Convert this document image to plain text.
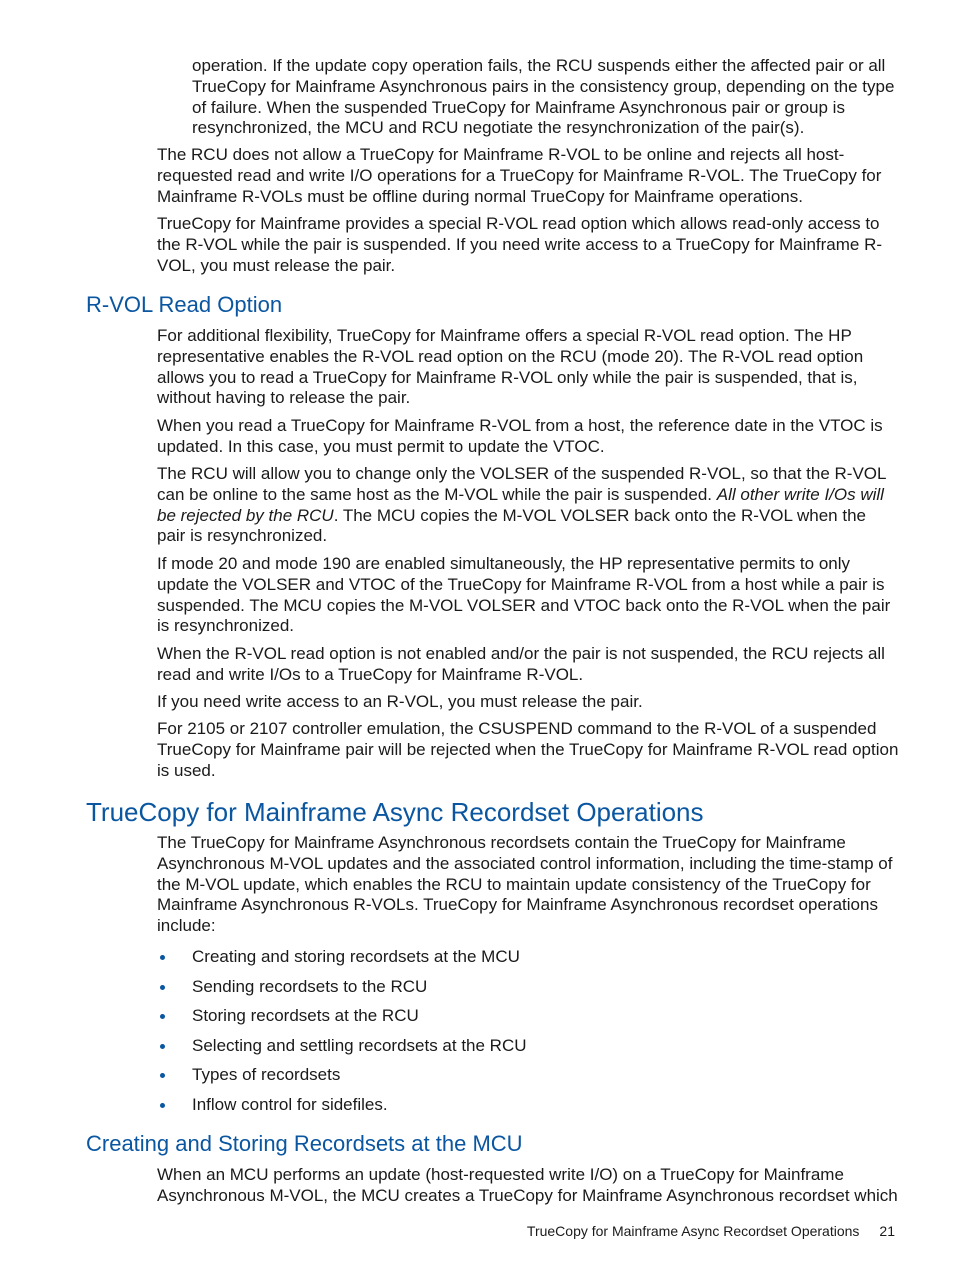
operation. If the update copy operation fails, the RCU suspends either the affected pair or all TrueCopy for Mainframe Asynchronous pairs in the consistency group, depending on the type of failure. When the suspended TrueCopy for Mainframe Asynchronous pair or group is resynchronized, the MCU and RCU negotiate the resynchronization of the pair(s).

The RCU does not allow a TrueCopy for Mainframe R-VOL to be online and rejects all host-requested read and write I/O operations for a TrueCopy for Mainframe R-VOL. The TrueCopy for Mainframe R-VOLs must be offline during normal TrueCopy for Mainframe operations.

TrueCopy for Mainframe provides a special R-VOL read option which allows read-only access to the R-VOL while the pair is suspended. If you need write access to a TrueCopy for Mainframe R-VOL, you must release the pair.

R-VOL Read Option

For additional flexibility, TrueCopy for Mainframe offers a special R-VOL read option. The HP representative enables the R-VOL read option on the RCU (mode 20). The R-VOL read option allows you to read a TrueCopy for Mainframe R-VOL only while the pair is suspended, that is, without having to release the pair.

When you read a TrueCopy for Mainframe R-VOL from a host, the reference date in the VTOC is updated. In this case, you must permit to update the VTOC.

The RCU will allow you to change only the VOLSER of the suspended R-VOL, so that the R-VOL can be online to the same host as the M-VOL while the pair is suspended. All other write I/Os will be rejected by the RCU. The MCU copies the M-VOL VOLSER back onto the R-VOL when the pair is resynchronized.

If mode 20 and mode 190 are enabled simultaneously, the HP representative permits to only update the VOLSER and VTOC of the TrueCopy for Mainframe R-VOL from a host while a pair is suspended. The MCU copies the M-VOL VOLSER and VTOC back onto the R-VOL when the pair is resynchronized.

When the R-VOL read option is not enabled and/or the pair is not suspended, the RCU rejects all read and write I/Os to a TrueCopy for Mainframe R-VOL.

If you need write access to an R-VOL, you must release the pair.

For 2105 or 2107 controller emulation, the CSUSPEND command to the R-VOL of a suspended TrueCopy for Mainframe pair will be rejected when the TrueCopy for Mainframe R-VOL read option is used.

TrueCopy for Mainframe Async Recordset Operations

The TrueCopy for Mainframe Asynchronous recordsets contain the TrueCopy for Mainframe Asynchronous M-VOL updates and the associated control information, including the time-stamp of the M-VOL update, which enables the RCU to maintain update consistency of the TrueCopy for Mainframe Asynchronous R-VOLs. TrueCopy for Mainframe Asynchronous recordset operations include:

Creating and storing recordsets at the MCU
Sending recordsets to the RCU
Storing recordsets at the RCU
Selecting and settling recordsets at the RCU
Types of recordsets
Inflow control for sidefiles.
Creating and Storing Recordsets at the MCU

When an MCU performs an update (host-requested write I/O) on a TrueCopy for Mainframe Asynchronous M-VOL, the MCU creates a TrueCopy for Mainframe Asynchronous recordset which

TrueCopy for Mainframe Async Recordset Operations 21
